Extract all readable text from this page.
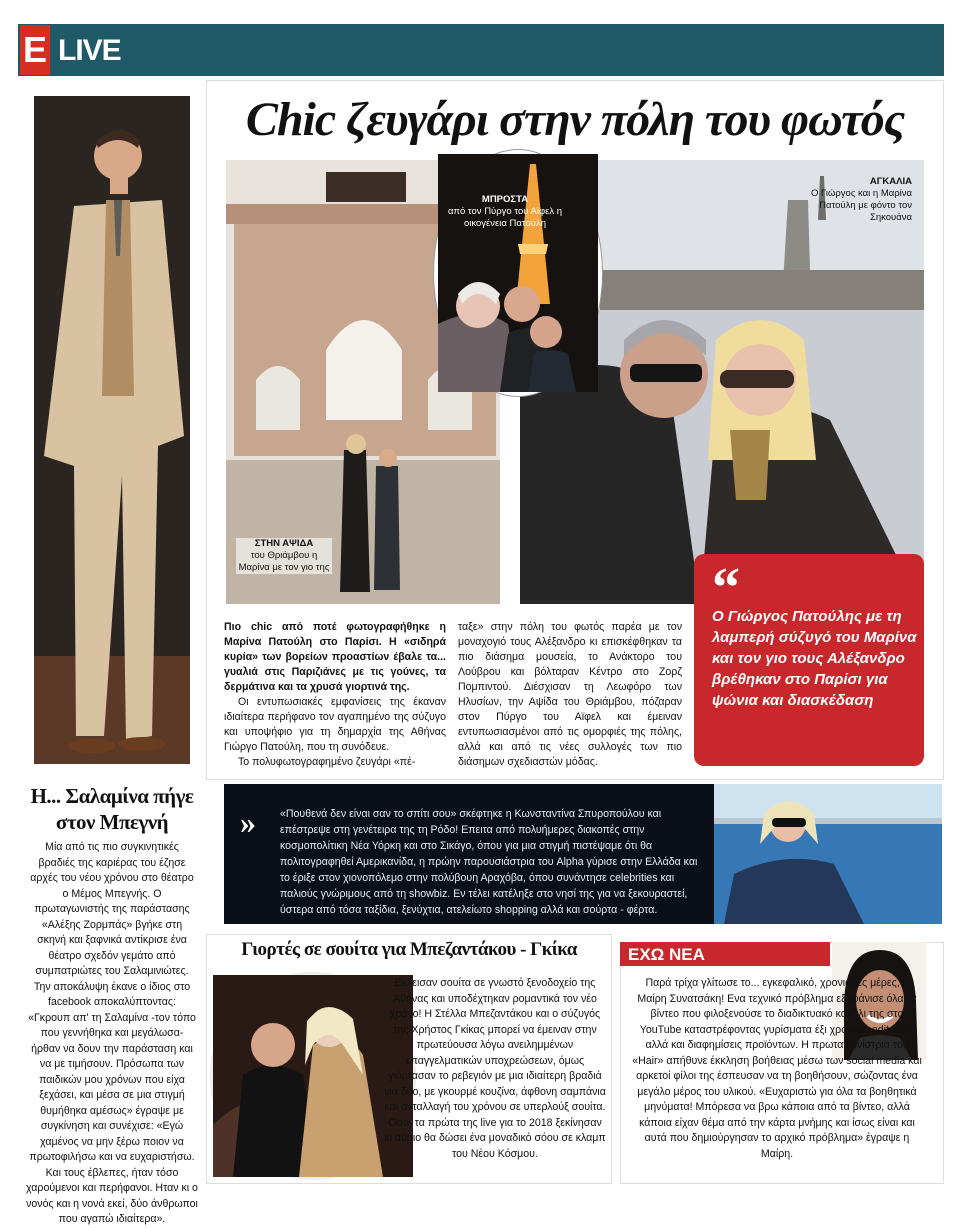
E LIVE
Η... Σαλαμίνα πήγε στον Μπεγνή
Μία από τις πιο συγκινητικές βραδιές της καριέρας του έζησε αρχές του νέου χρόνου στο θέατρο ο Μέμος Μπεγνής. Ο πρωταγωνιστής της παράστασης «Αλέξης Ζορμπάς» βγήκε στη σκηνή και ξαφνικά αντίκρισε ένα θέατρο σχεδόν γεμάτο από συμπατριώτες του Σαλαμινιώτες. Την αποκάλυψη έκανε ο ίδιος στο facebook αποκαλύπτοντας: «Γκρουπ απ' τη Σαλαμίνα -τον τόπο που γεννήθηκα και μεγάλωσα- ήρθαν να δουν την παράσταση και να με τιμήσουν. Πρόσωπα των παιδικών μου χρόνων που είχα ξεχάσει, και μέσα σε μια στιγμή θυμήθηκα αμέσως» έγραψε με συγκίνηση και συνέχισε: «Εγώ χαμένος να μην ξέρω ποιον να πρωτοφιλήσω και να ευχαριστήσω. Και τους έβλεπες, ήταν τόσο χαρούμενοι και περήφανοι. Ηταν κι ο νονός και η νονά εκεί, δύο άνθρωποι που αγαπώ ιδιαίτερα».
Chic ζευγάρι στην πόλη του φωτός
ΜΠΡΟΣΤΑ
από τον Πύργο του Αϊφελ η οικογένεια Πατούλη
ΑΓΚΑΛΙΑ
Ο Γιώργος και η Μαρίνα Πατούλη με φόντο τον Σηκουάνα
ΣΤΗΝ ΑΨΙΔΑ
του Θριάμβου η Μαρίνα με τον γιο της	“
Ο Γιώργος Πατούλης με τη λαμπερή σύζυγό του Μαρίνα και τον γιο τους Αλέξανδρο βρέθηκαν στο Παρίσι για ψώνια και διασκέδαση

Πιο chic από ποτέ φωτογραφήθηκε η Μαρίνα Πατούλη στο Παρίσι. Η «σιδηρά κυρία» των βορείων προαστίων έβαλε τα... γυαλιά στις Παριζιάνες με τις γούνες, τα δερμάτινα και τα χρυσά γιορτινά της.

Οι εντυπωσιακές εμφανίσεις της έκαναν ιδιαίτερα περήφανο τον αγαπημένο της σύζυγο και υποψήφιο για τη δημαρχία της Αθήνας Γιώργο Πατούλη, που τη συνόδευε.

Το πολυφωτογραφημένο ζευγάρι «πέ-

ταξε» στην πόλη του φωτός παρέα με τον μοναχογιό τους Αλέξανδρο κι επισκέφθηκαν τα πιο διάσημα μουσεία, το Ανάκτορο του Λούβρου και βόλταραν Κέντρο στο Ζορζ Πομπιντού. Διέσχισαν τη Λεωφόρο των Ηλυσίων, την Αψίδα του Θριάμβου, πόζαραν στον Πύργο του Αϊφελ και έμειναν εντυπωσιασμένοι από τις ομορφιές της πόλης, αλλά και από τις νέες συλλογές των πιο διάσημων σχεδιαστών μόδας.

»	«Πουθενά δεν είναι σαν το σπίτι σου» σκέφτηκε η Κωνσταντίνα Σπυροπούλου και επέστρεψε στη γενέτειρα της τη Ρόδο! Επειτα από πολυήμερες διακοπές στην κοσμοπολίτικη Νέα Υόρκη και στο Σικάγο, όπου για μια στιγμή πιστέψαμε ότι θα πολιτογραφηθεί Αμερικανίδα, η πρώην παρουσιάστρια του Alpha γύρισε στην Ελλάδα και το έριξε στον χιονοπόλεμο στην πολύβουη Αραχόβα, όπου συνάντησε celebrities και παλιούς γνώριμους από τη showbiz. Εν τέλει κατέληξε στο νησί της για να ξεκουραστεί, ύστερα από τόσα ταξίδια, ξενύχτια, ατελείωτο shopping αλλά και σούρτα - φέρτα.
Γιορτές σε σουίτα για Μπεζαντάκου - Γκίκα
Εκλεισαν σουίτα σε γνωστό ξενοδοχείο της Αθήνας και υποδέχτηκαν ρομαντικά τον νέο χρόνο! Η Στέλλα Μπεζαντάκου και ο σύζυγός της Χρήστος Γκίκας μπορεί να έμειναν στην πρωτεύουσα λόγω ανειλημμένων επαγγελματικών υποχρεώσεων, όμως γιόρτασαν το ρεβεγιόν με μια ιδιαίτερη βραδιά για δύο, με γκουρμέ κουζίνα, άφθονη σαμπάνια και ανταλλαγή του χρόνου σε υπερλούξ σουίτα. Οσο, τα πρώτα της live για το 2018 ξεκίνησαν κι αύριο θα δώσει ένα μοναδικό σόου σε κλαμπ του Νέου Κόσμου.
ΕΧΩ ΝΕΑ
Παρά τρίχα γλίτωσε το... εγκεφαλικό, χρονιάρες μέρες, η Μαίρη Συνατσάκη! Ενα τεχνικό πρόβλημα εξαφάνισε όλα τα βίντεο που φιλοξενούσε το διαδικτυακό κανάλι της στο YouTube καταστρέφοντας γυρίσματα έξι χρόνων, editorials αλλά και διαφημίσεις προϊόντων. Η πρωταγωνίστρια του «Hair» απήθυνε έκκληση βοήθειας μέσω των social media και αρκετοί φίλοι της έσπευσαν να τη βοηθήσουν, σώζοντας ένα μεγάλο μέρος του υλικού. «Ευχαριστώ για όλα τα βοηθητικά μηνύματα! Μπόρεσα να βρω κάποια από τα βίντεο, αλλά κάποια είχαν θέμα από την κάρτα μνήμης και ίσως είναι και αυτά που δημιούργησαν το αρχικό πρόβλημα» έγραψε η Μαίρη.
